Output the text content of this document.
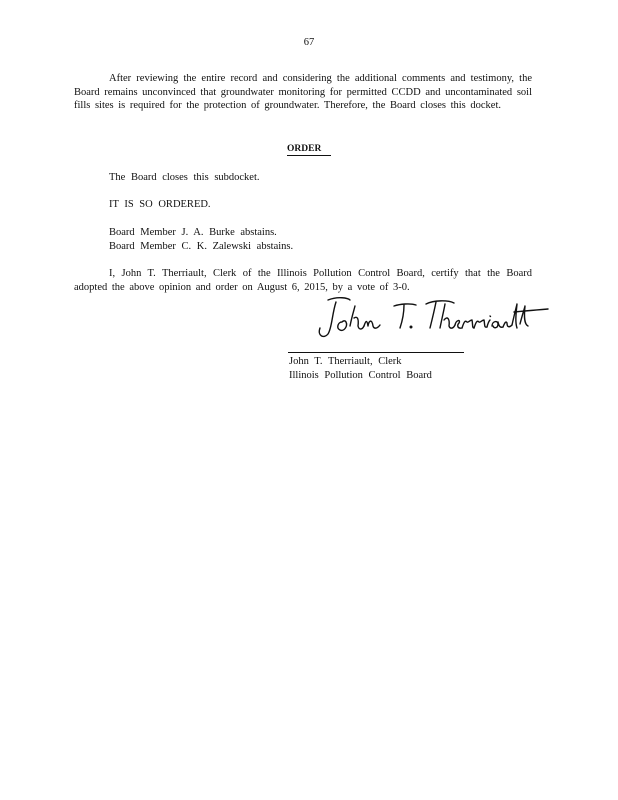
67

After reviewing the entire record and considering the additional comments and testimony, the Board remains unconvinced that groundwater monitoring for permitted CCDD and uncontaminated soil fills sites is required for the protection of groundwater. Therefore, the Board closes this docket.

ORDER
The Board closes this subdocket.
IT IS SO ORDERED.
Board Member J. A. Burke abstains.
Board Member C. K. Zalewski abstains.

I, John T. Therriault, Clerk of the Illinois Pollution Control Board, certify that the Board adopted the above opinion and order on August 6, 2015, by a vote of 3-0.

John T. Therriault, Clerk
Illinois Pollution Control Board
